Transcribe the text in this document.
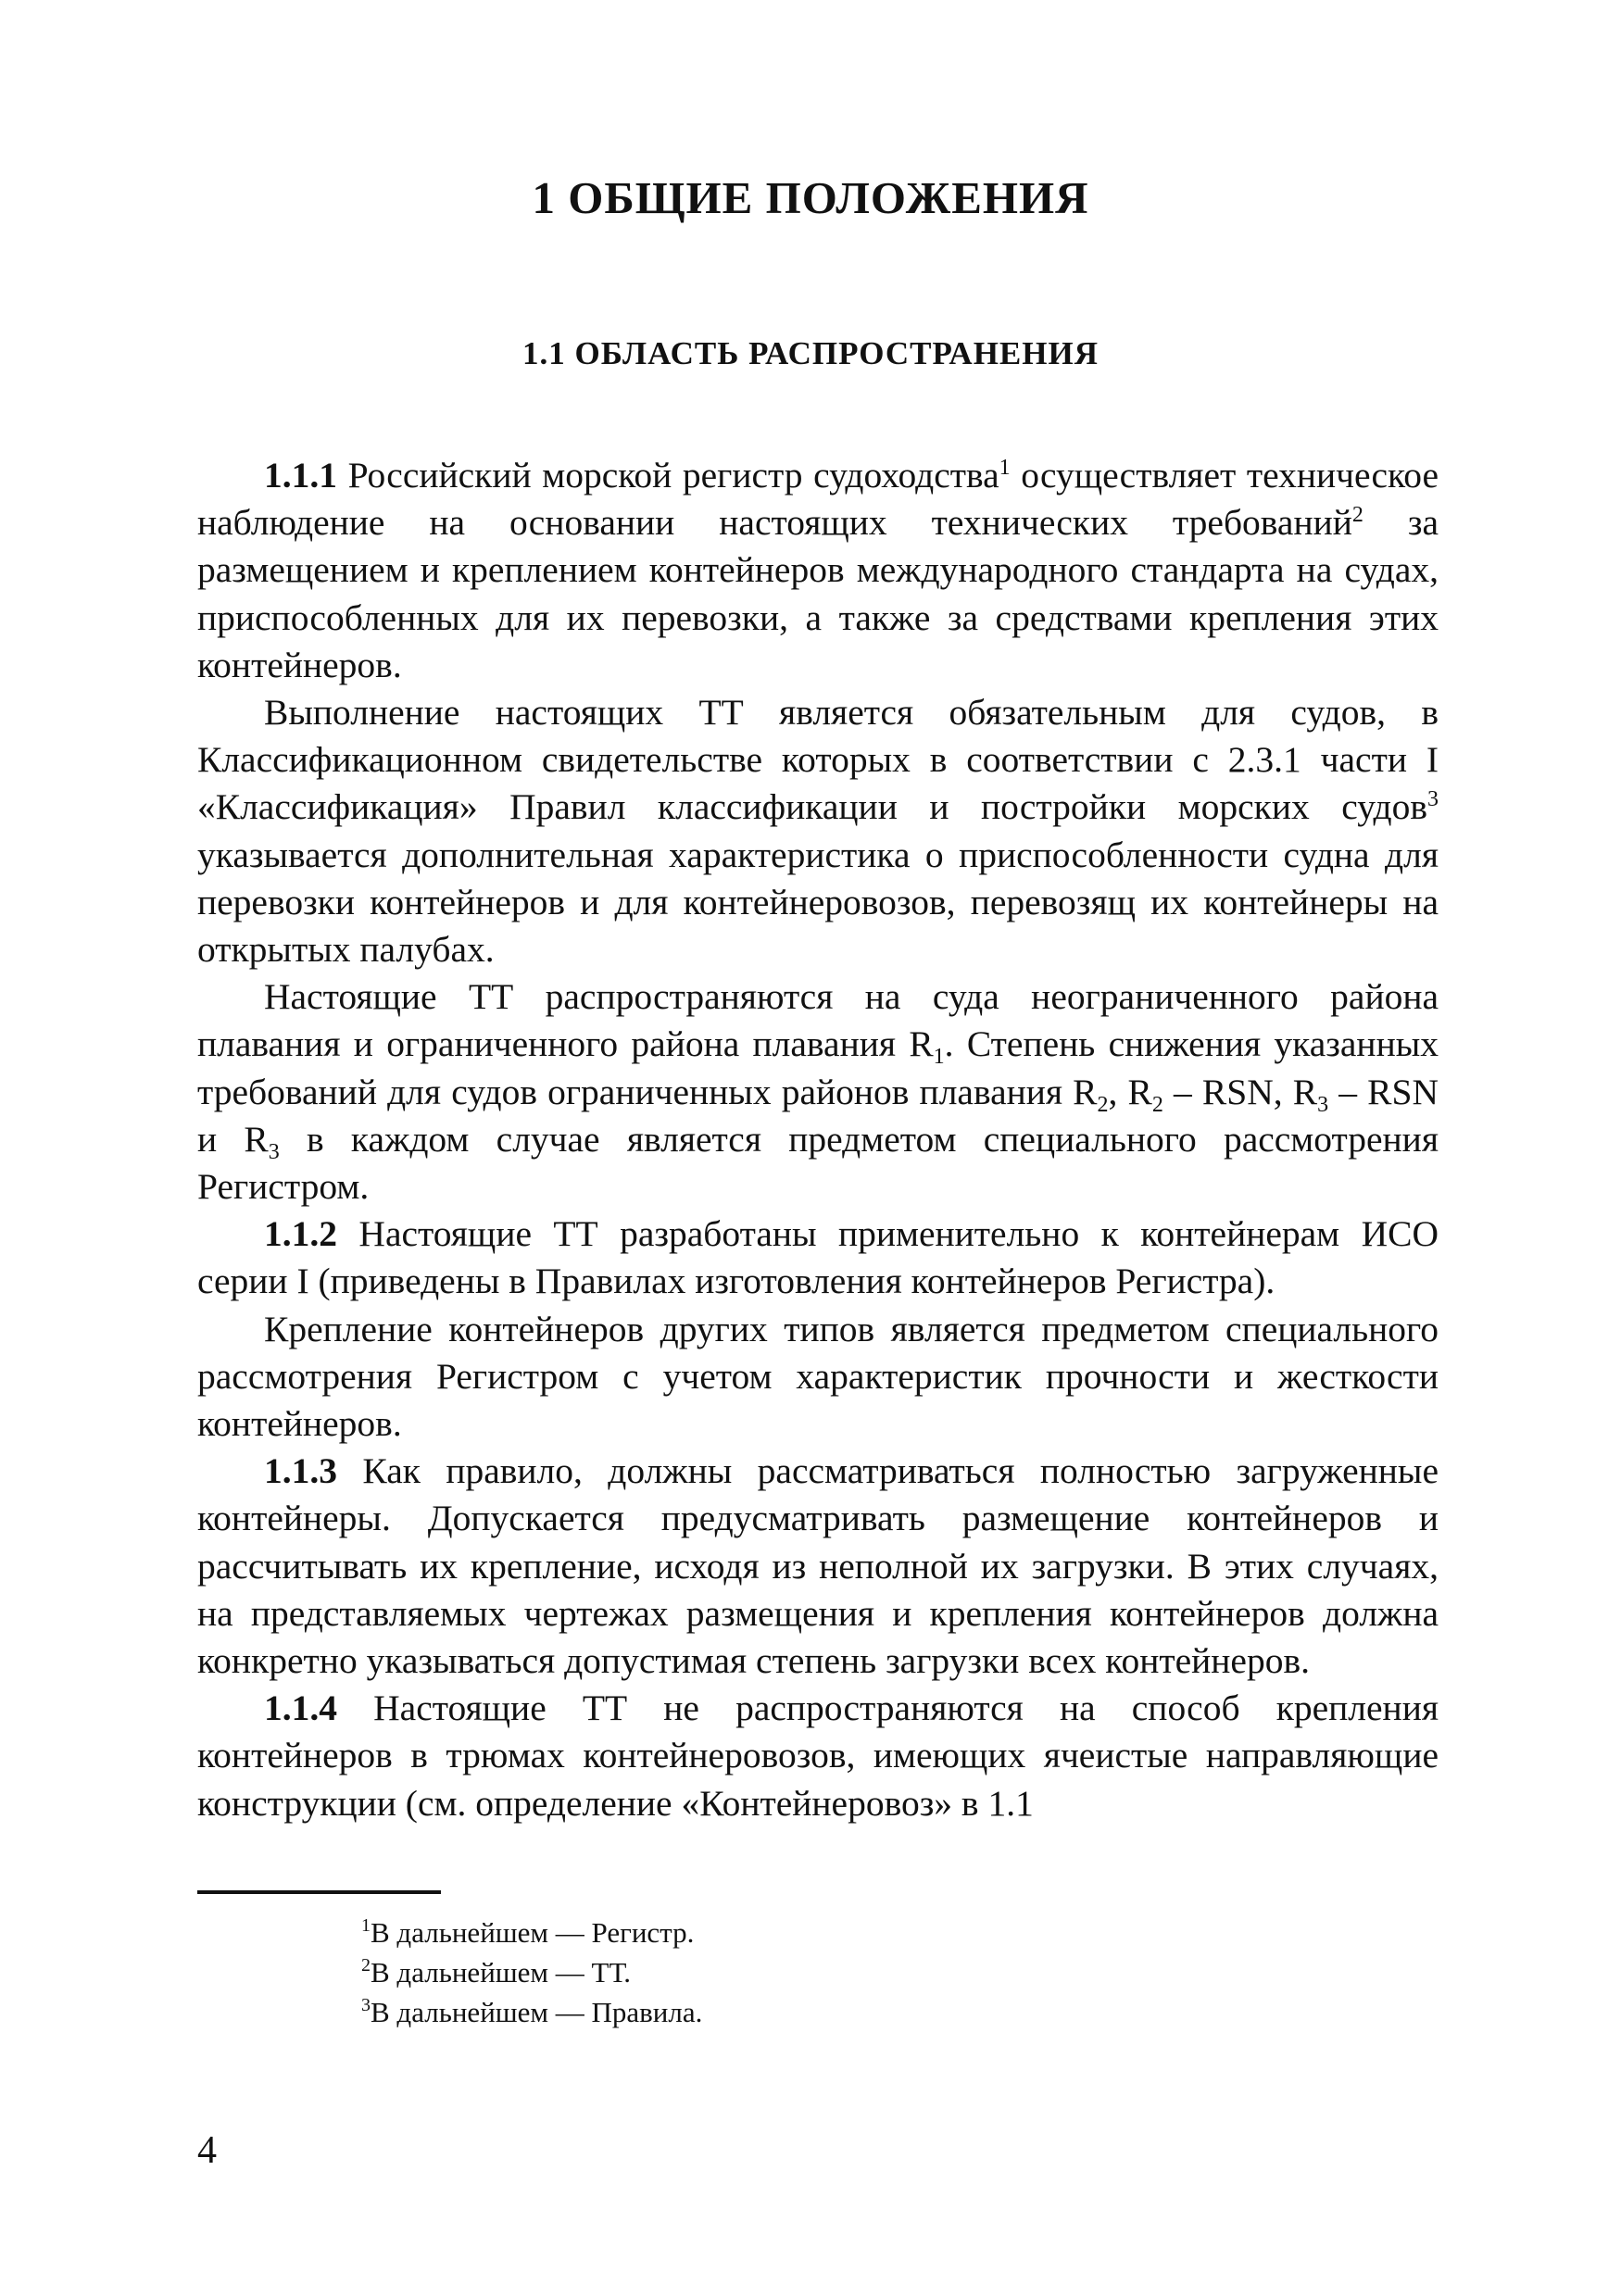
1 ОБЩИЕ ПОЛОЖЕНИЯ
1.1 ОБЛАСТЬ РАСПРОСТРАНЕНИЯ

1.1.1 Российский морской регистр судоходства$^1$ осуществляет техническое наблюдение на основании настоящих технических требований$^2$ за размещением и креплением контейнеров международного стандарта на судах, приспособленных для их перевозки, а также за средствами крепления этих контейнеров.

Выполнение настоящих ТТ является обязательным для судов, в Классификационном свидетельстве которых в соответствии с 2.3.1 части I «Классификация» Правил классификации и постройки морских судов$^3$ указывается дополнительная характеристика о приспособленности судна для перевозки контейнеров и для контейнеровозов, перевозящ их контейнеры на открытых палубах.

Настоящие ТТ распространяются на суда неограниченного района плавания и ограниченного района плавания $R_1$. Степень снижения указанных требований для судов ограниченных районов плавания $R_2$, $R_2$ – RSN, $R_3$ – RSN и $R_3$ в каждом случае является предметом специального рассмотрения Регистром.

1.1.2 Настоящие ТТ разработаны применительно к контейнерам ИСО серии I (приведены в Правилах изготовления контейнеров Регистра).

Крепление контейнеров других типов является предметом специального рассмотрения Регистром с учетом характеристик прочности и жесткости контейнеров.

1.1.3 Как правило, должны рассматриваться полностью загруженные контейнеры. Допускается предусматривать размещение контейнеров и рассчитывать их крепление, исходя из неполной их загрузки. В этих случаях, на представляемых чертежах размещения и крепления контейнеров должна конкретно указываться допустимая степень загрузки всех контейнеров.

1.1.4 Настоящие ТТ не распространяются на способ крепления контейнеров в трюмах контейнеровозов, имеющих ячеистые направляющие конструкции (см. определение «Контейнеровоз» в 1.1

$^1$В дальнейшем — Регистр.
$^2$В дальнейшем — ТТ.
$^3$В дальнейшем — Правила.
4
